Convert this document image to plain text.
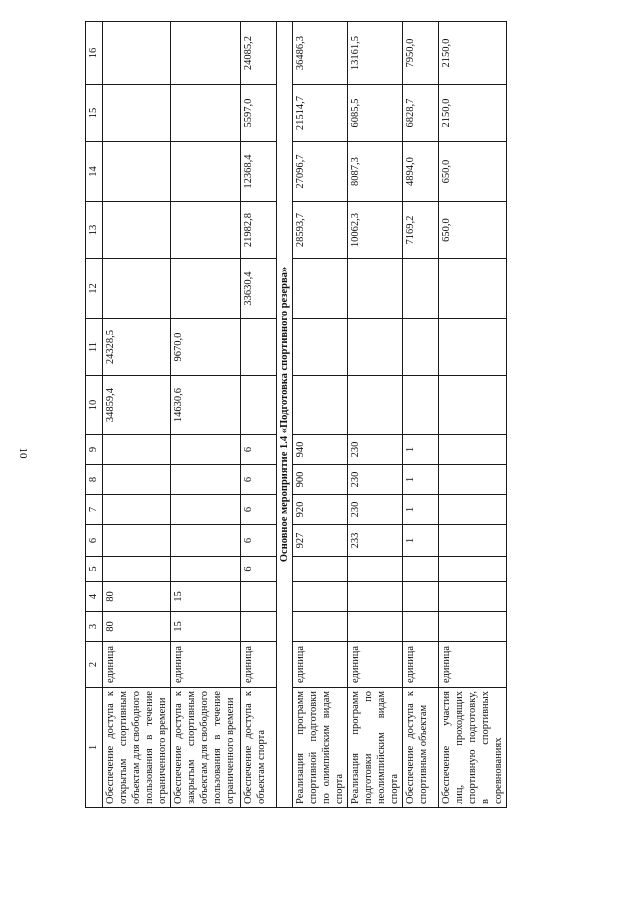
10
1	2	3	4	5	6	7	8	9	10	11	12	13	14	15	16
Обеспечение доступа к открытым спортивным объектам для свободного пользования в течение ограниченного времени	единица	80	80						34859,4	24328,5					
Обеспечение доступа к закрытым спортивным объектам для свободного пользования в течение ограниченного времени	единица	15	15						14630,6	9670,0					
Обеспечение доступа к объектам спорта	единица			6	6	6	6	6			33630,4	21982,8	12368,4	5597,0	24085,2
Основное мероприятие 1.4 «Подготовка спортивного резерва»															
Реализация программ спортивной подготовки по олимпийским видам спорта	единица				927	920	900	940				28593,7	27096,7	21514,7	36486,3
Реализация программ подготовки по неолимпийским видам спорта	единица				233	230	230	230				10062,3	8087,3	6085,5	13161,5
Обеспечение доступа к спортивным объектам	единица				1	1	1	1				7169,2	4894,0	6828,7	7950,0
Обеспечение участия лиц, проходящих спортивную подготовку, в спортивных соревнованиях	единица											650,0	650,0	2150,0	2150,0
